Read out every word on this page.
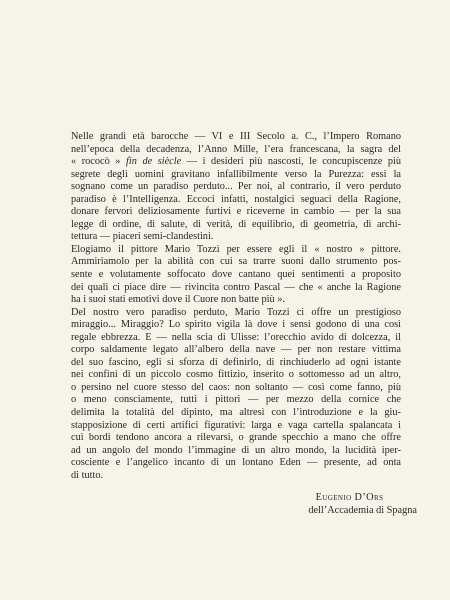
Nelle grandi età barocche — VI e III Secolo a. C., l’Impero Romano
nell’epoca della decadenza, l’Anno Mille, l’era francescana, la sagra del
« rococò » fin de siècle — i desideri più nascosti, le concupiscenze più
segrete degli uomini gravitano infallibilmente verso la Purezza: essi la
sognano come un paradiso perduto... Per noi, al contrario, il vero perduto
paradiso è l’Intelligenza. Eccoci infatti, nostalgici seguaci della Ragione,
donare fervori deliziosamente furtivi e riceverne in cambio — per la sua
legge di ordine, di salute, di verità, di equilibrio, di geometria, di archi-
tettura — piaceri semi-clandestini.
Elogiamo il pittore Mario Tozzi per essere egli il « nostro » pittore.
Ammiriamolo per la abilità con cui sa trarre suoni dallo strumento pos-
sente e volutamente soffocato dove cantano quei sentimenti a proposito
dei quali ci piace dire — rivincita contro Pascal — che « anche la Ragione
ha i suoi stati emotivi dove il Cuore non batte più ».
Del nostro vero paradiso perduto, Mario Tozzi ci offre un prestigioso
miraggio... Miraggio? Lo spirito vigila là dove i sensi godono di una così
regale ebbrezza. E — nella scia di Ulisse: l’orecchio avido di dolcezza, il
corpo saldamente legato all’albero della nave — per non restare vittima
del suo fascino, egli si sforza di definirlo, di rinchiuderlo ad ogni istante
nei confini di un piccolo cosmo fittizio, inserito o sottomesso ad un altro,
o persino nel cuore stesso del caos: non soltanto — così come fanno, più
o meno consciamente, tutti i pittori — per mezzo della cornice che
delimita la totalità del dipinto, ma altresì con l’introduzione e la giu-
stapposizione di certi artifici figurativi: larga e vaga cartella spalancata i
cui bordi tendono ancora a rilevarsi, o grande specchio a mano che offre
ad un angolo del mondo l’immagine di un altro mondo, la lucidità iper-
cosciente e l’angelico incanto di un lontano Eden — presente, ad onta
di tutto.
Eugenio D’Ors
dell’Accademia di Spagna
